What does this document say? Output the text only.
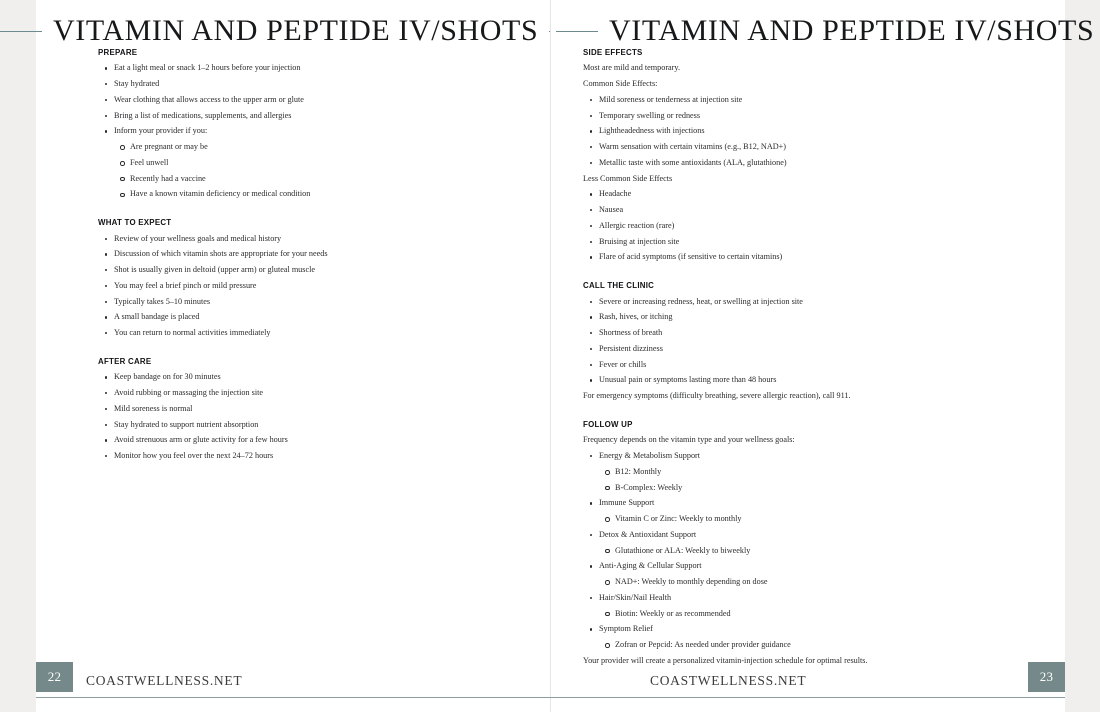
VITAMIN AND PEPTIDE IV/SHOTS
PREPARE
Eat a light meal or snack 1–2 hours before your injection
Stay hydrated
Wear clothing that allows access to the upper arm or glute
Bring a list of medications, supplements, and allergies
Inform your provider if you:
Are pregnant or may be
Feel unwell
Recently had a vaccine
Have a known vitamin deficiency or medical condition
WHAT TO EXPECT
Review of your wellness goals and medical history
Discussion of which vitamin shots are appropriate for your needs
Shot is usually given in deltoid (upper arm) or gluteal muscle
You may feel a brief pinch or mild pressure
Typically takes 5–10 minutes
A small bandage is placed
You can return to normal activities immediately
AFTER CARE
Keep bandage on for 30 minutes
Avoid rubbing or massaging the injection site
Mild soreness is normal
Stay hydrated to support nutrient absorption
Avoid strenuous arm or glute activity for a few hours
Monitor how you feel over the next 24–72 hours
22	COASTWELLNESS.NET
VITAMIN AND PEPTIDE IV/SHOTS
SIDE EFFECTS

Most are mild and temporary.

Common Side Effects:

Mild soreness or tenderness at injection site
Temporary swelling or redness
Lightheadedness with injections
Warm sensation with certain vitamins (e.g., B12, NAD+)
Metallic taste with some antioxidants (ALA, glutathione)

Less Common Side Effects

Headache
Nausea
Allergic reaction (rare)
Bruising at injection site
Flare of acid symptoms (if sensitive to certain vitamins)
CALL THE CLINIC
Severe or increasing redness, heat, or swelling at injection site
Rash, hives, or itching
Shortness of breath
Persistent dizziness
Fever or chills
Unusual pain or symptoms lasting more than 48 hours

For emergency symptoms (difficulty breathing, severe allergic reaction), call 911.

FOLLOW UP

Frequency depends on the vitamin type and your wellness goals:

Energy & Metabolism Support
B12: Monthly
B-Complex: Weekly
Immune Support
Vitamin C or Zinc: Weekly to monthly
Detox & Antioxidant Support
Glutathione or ALA: Weekly to biweekly
Anti-Aging & Cellular Support
NAD+: Weekly to monthly depending on dose
Hair/Skin/Nail Health
Biotin: Weekly or as recommended
Symptom Relief
Zofran or Pepcid: As needed under provider guidance

Your provider will create a personalized vitamin-injection schedule for optimal results.

COASTWELLNESS.NET	23
